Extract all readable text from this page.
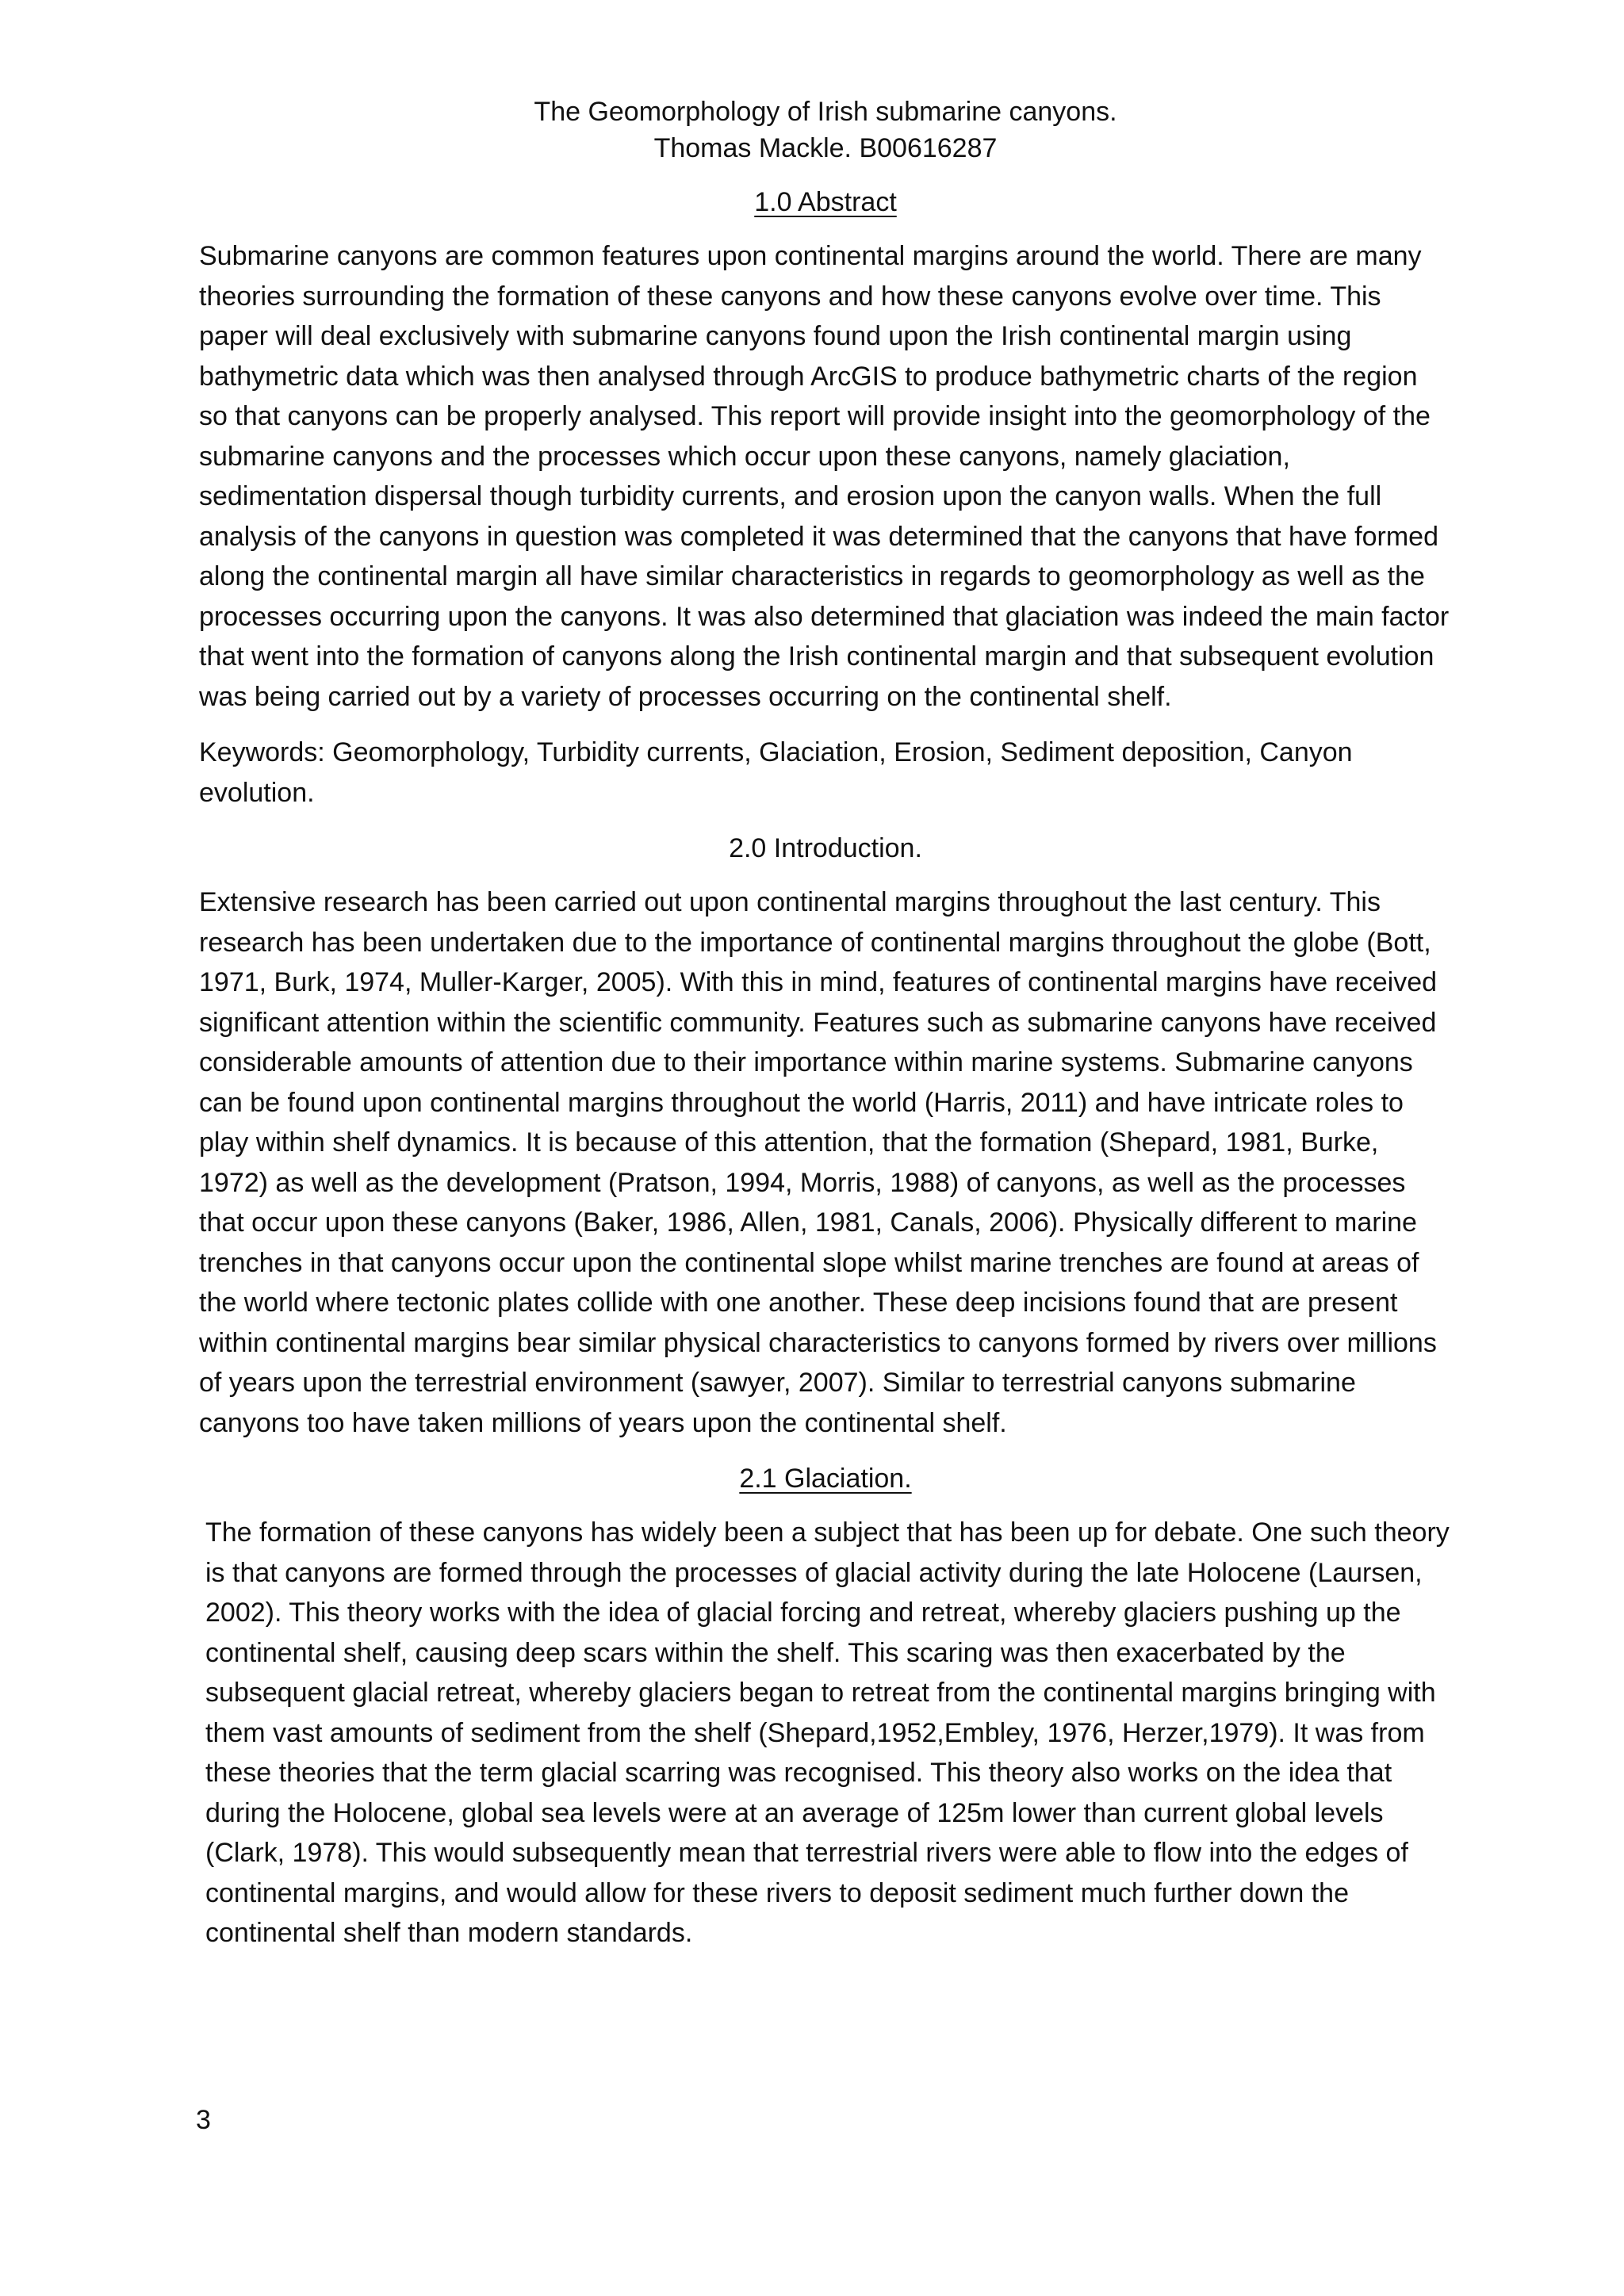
The Geomorphology of Irish submarine canyons.

Thomas Mackle. B00616287

1.0 Abstract

Submarine canyons are common features upon continental margins around the world. There are many theories surrounding the formation of these canyons and how these canyons evolve over time. This paper will deal exclusively with submarine canyons found upon the Irish continental margin using bathymetric data which was then analysed through ArcGIS to produce bathymetric charts of the region so that canyons can be properly analysed. This report will provide insight into the geomorphology of the submarine canyons and the processes which occur upon these canyons, namely glaciation, sedimentation dispersal though turbidity currents, and erosion upon the canyon walls. When the full analysis of the canyons in question was completed it was determined that the canyons that have formed along the continental margin all have similar characteristics in regards to geomorphology as well as the processes occurring upon the canyons. It was also determined that glaciation was indeed the main factor that went into the formation of canyons along the Irish continental margin and that subsequent evolution was being carried out by a variety of processes occurring on the continental shelf.

Keywords: Geomorphology, Turbidity currents, Glaciation, Erosion, Sediment deposition, Canyon evolution.

2.0 Introduction.

Extensive research has been carried out upon continental margins throughout the last century. This research has been undertaken due to the importance of continental margins throughout the globe (Bott, 1971, Burk, 1974, Muller-Karger, 2005). With this in mind, features of continental margins have received significant attention within the scientific community. Features such as submarine canyons have received considerable amounts of attention due to their importance within marine systems. Submarine canyons can be found upon continental margins throughout the world (Harris, 2011) and have intricate roles to play within shelf dynamics. It is because of this attention, that the formation (Shepard, 1981, Burke, 1972) as well as the development (Pratson, 1994, Morris, 1988) of canyons, as well as the processes that occur upon these canyons (Baker, 1986, Allen, 1981, Canals, 2006). Physically different to marine trenches in that canyons occur upon the continental slope whilst marine trenches are found at areas of the world where tectonic plates collide with one another. These deep incisions found that are present within continental margins bear similar physical characteristics to canyons formed by rivers over millions of years upon the terrestrial environment (sawyer, 2007). Similar to terrestrial canyons submarine canyons too have taken millions of years upon the continental shelf.

2.1 Glaciation.

The formation of these canyons has widely been a subject that has been up for debate. One such theory is that canyons are formed through the processes of glacial activity during the late Holocene (Laursen, 2002). This theory works with the idea of glacial forcing and retreat, whereby glaciers pushing up the continental shelf, causing deep scars within the shelf. This scaring was then exacerbated by the subsequent glacial retreat, whereby glaciers began to retreat from the continental margins bringing with them vast amounts of sediment from the shelf (Shepard,1952,Embley, 1976, Herzer,1979). It was from these theories that the term glacial scarring was recognised. This theory also works on the idea that during the Holocene, global sea levels were at an average of 125m lower than current global levels (Clark, 1978). This would subsequently mean that terrestrial rivers were able to flow into the edges of continental margins, and would allow for these rivers to deposit sediment much further down the continental shelf than modern standards.

3
